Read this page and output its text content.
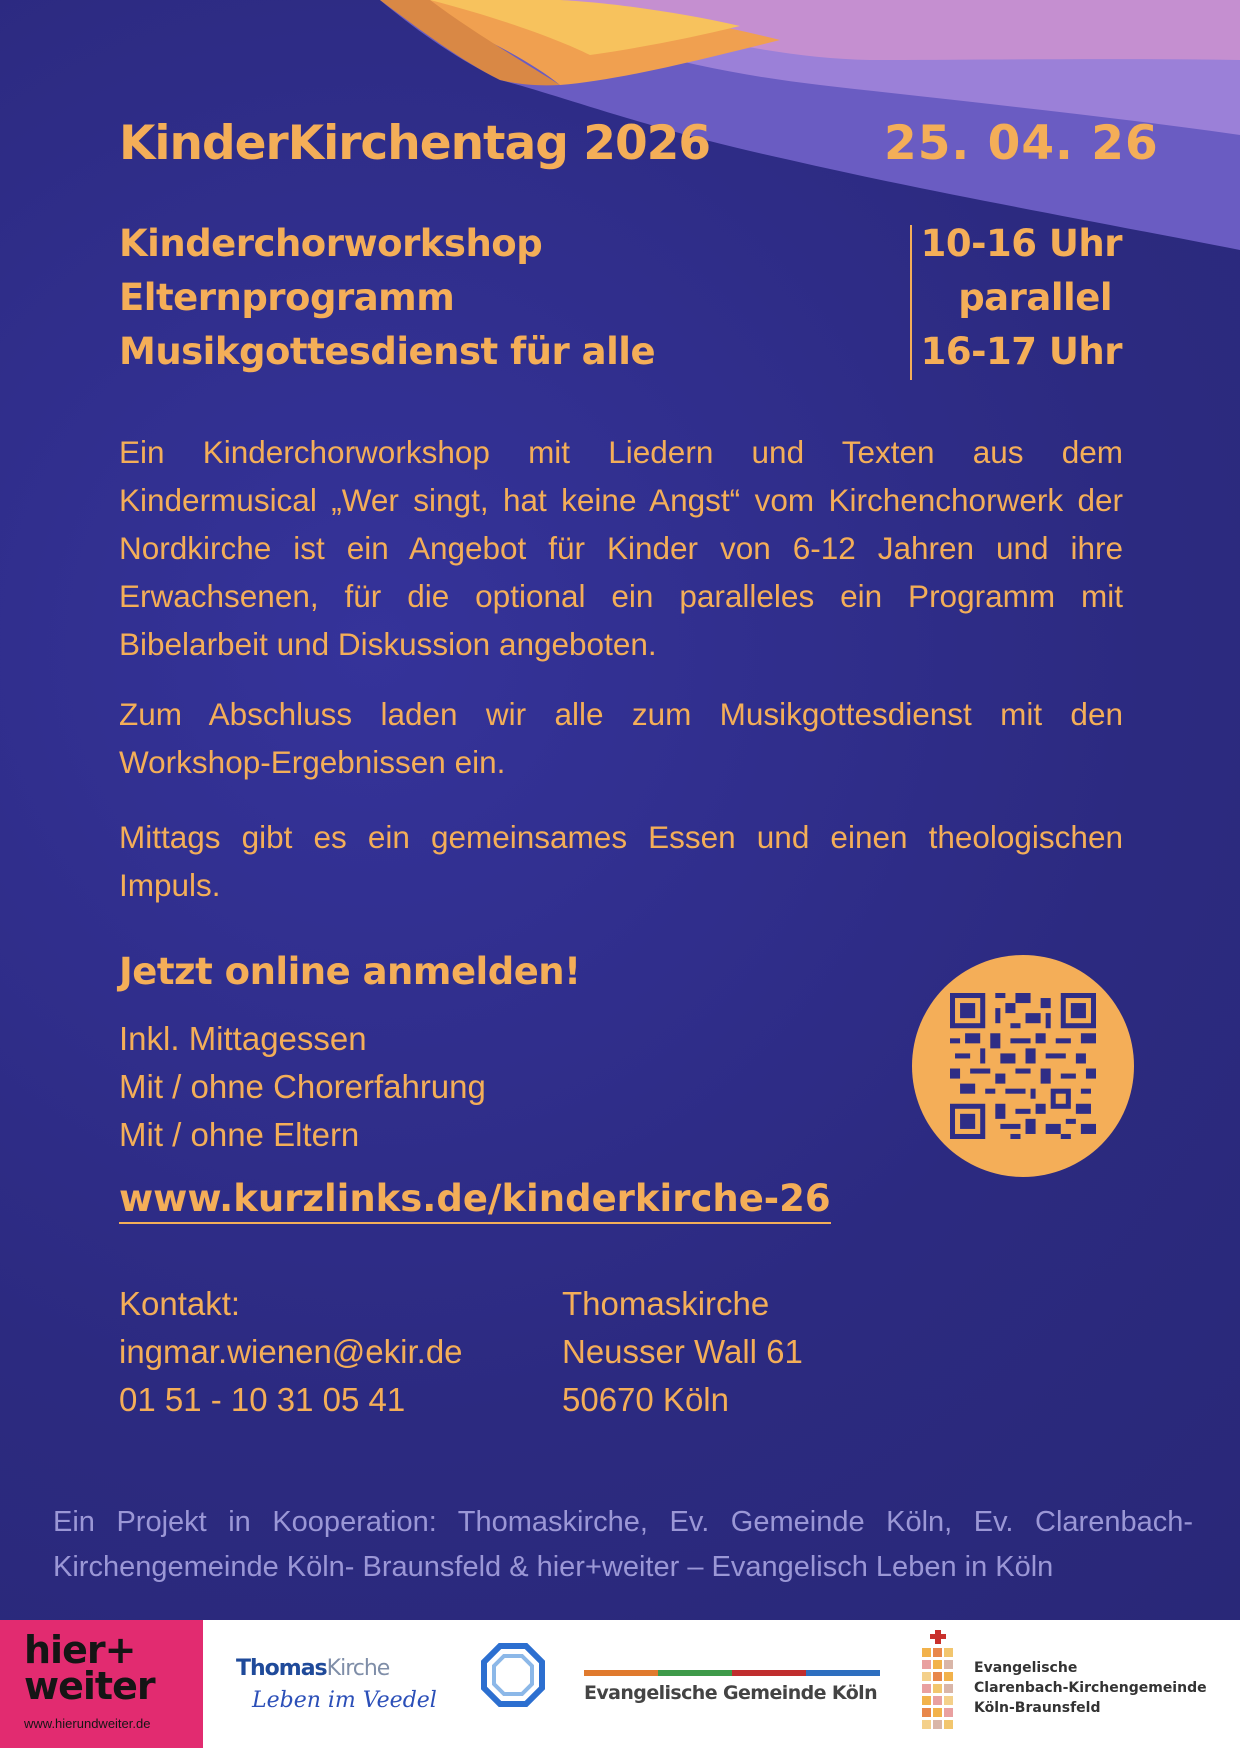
KinderKirchentag 2026	25. 04. 26
Kinderchorworkshop
Elternprogramm
Musikgottesdienst für alle
10-16 Uhr
parallel
16-17 Uhr

Ein Kinderchorworkshop mit Liedern und Texten aus dem Kindermusical „Wer singt, hat keine Angst“ vom Kirchenchorwerk der Nordkirche ist ein Angebot für Kinder von 6-12 Jahren und ihre Erwachsenen, für die optional ein paralleles ein Programm mit Bibelarbeit und Diskussion angeboten.

Zum Abschluss laden wir alle zum Musikgottesdienst mit den Workshop-Ergebnissen ein.

Mittags gibt es ein gemeinsames Essen und einen theologischen Impuls.

Jetzt online anmelden!
Inkl. Mittagessen
Mit / ohne Chorerfahrung
Mit / ohne Eltern
www.kurzlinks.de/kinderkirche-26
Kontakt:
ingmar.wienen@ekir.de
01 51 - 10 31 05 41
Thomaskirche
Neusser Wall 61
50670 Köln

Ein Projekt in Kooperation: Thomaskirche, Ev. Gemeinde Köln, Ev. Clarenbach-Kirchengemeinde Köln- Braunsfeld & hier+weiter – Evangelisch Leben in Köln

hier+
weiter
www.hierundweiter.de
ThomasKirche
Leben im Veedel	Evangelische Gemeinde Köln
Evangelische
Clarenbach-Kirchengemeinde
Köln-Braunsfeld
